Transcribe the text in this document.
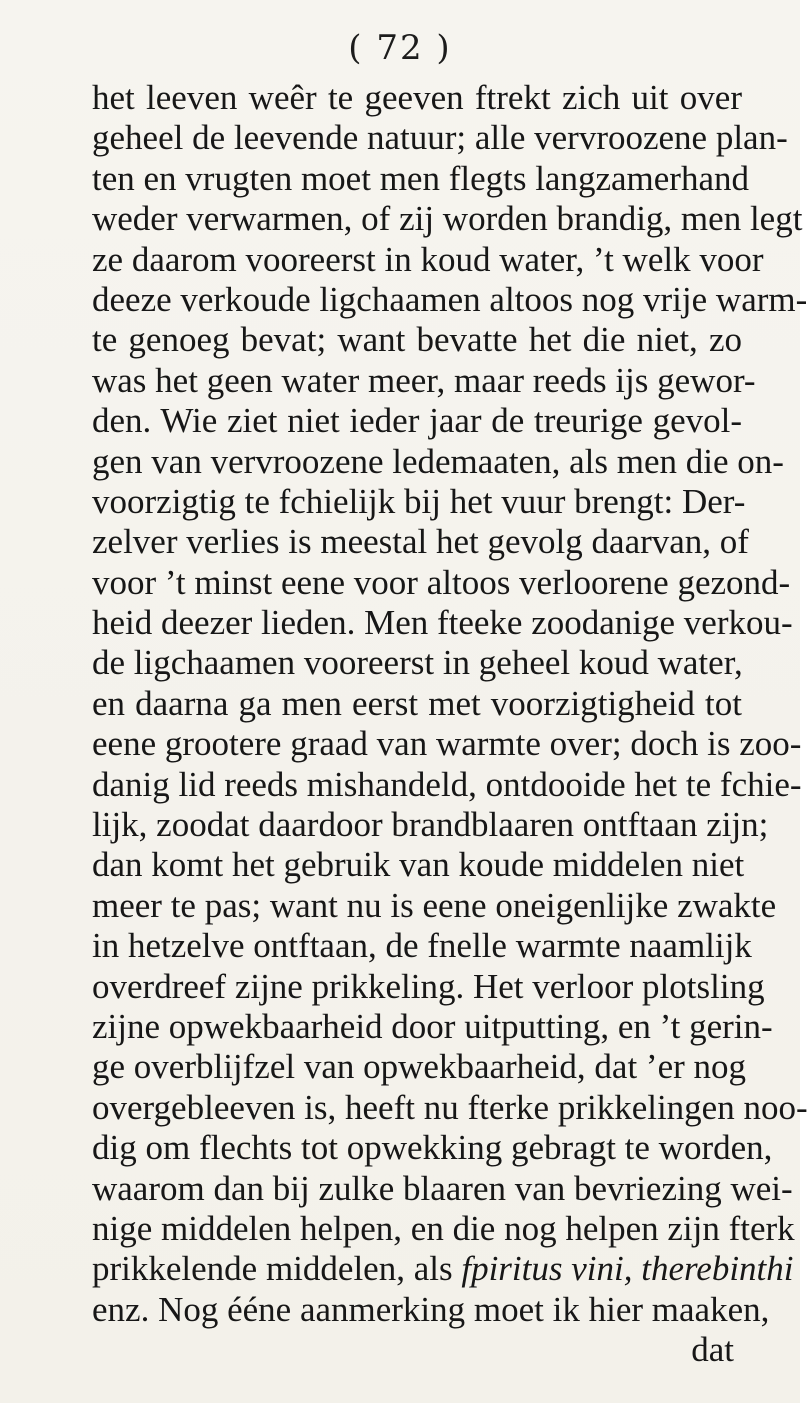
( 72 )
het leeven weêr te geeven ftrekt zich uit over
geheel de leevende natuur; alle vervroozene plan-
ten en vrugten moet men flegts langzamerhand
weder verwarmen, of zij worden brandig, men legt
ze daarom vooreerst in koud water, ’t welk voor
deeze verkoude ligchaamen altoos nog vrije warm-
te genoeg bevat; want bevatte het die niet, zo
was het geen water meer, maar reeds ijs gewor-
den. Wie ziet niet ieder jaar de treurige gevol-
gen van vervroozene ledemaaten, als men die on-
voorzigtig te fchielijk bij het vuur brengt: Der-
zelver verlies is meestal het gevolg daarvan, of
voor ’t minst eene voor altoos verloorene gezond-
heid deezer lieden. Men fteeke zoodanige verkou-
de ligchaamen vooreerst in geheel koud water,
en daarna ga men eerst met voorzigtigheid tot
eene grootere graad van warmte over; doch is zoo-
danig lid reeds mishandeld, ontdooide het te fchie-
lijk, zoodat daardoor brandblaaren ontftaan zijn;
dan komt het gebruik van koude middelen niet
meer te pas; want nu is eene oneigenlijke zwakte
in hetzelve ontftaan, de fnelle warmte naamlijk
overdreef zijne prikkeling. Het verloor plotsling
zijne opwekbaarheid door uitputting, en ’t gerin-
ge overblijfzel van opwekbaarheid, dat ’er nog
overgebleeven is, heeft nu fterke prikkelingen noo-
dig om flechts tot opwekking gebragt te worden,
waarom dan bij zulke blaaren van bevriezing wei-
nige middelen helpen, en die nog helpen zijn fterk
prikkelende middelen, als fpiritus vini, therebinthi
enz. Nog ééne aanmerking moet ik hier maaken,
dat
